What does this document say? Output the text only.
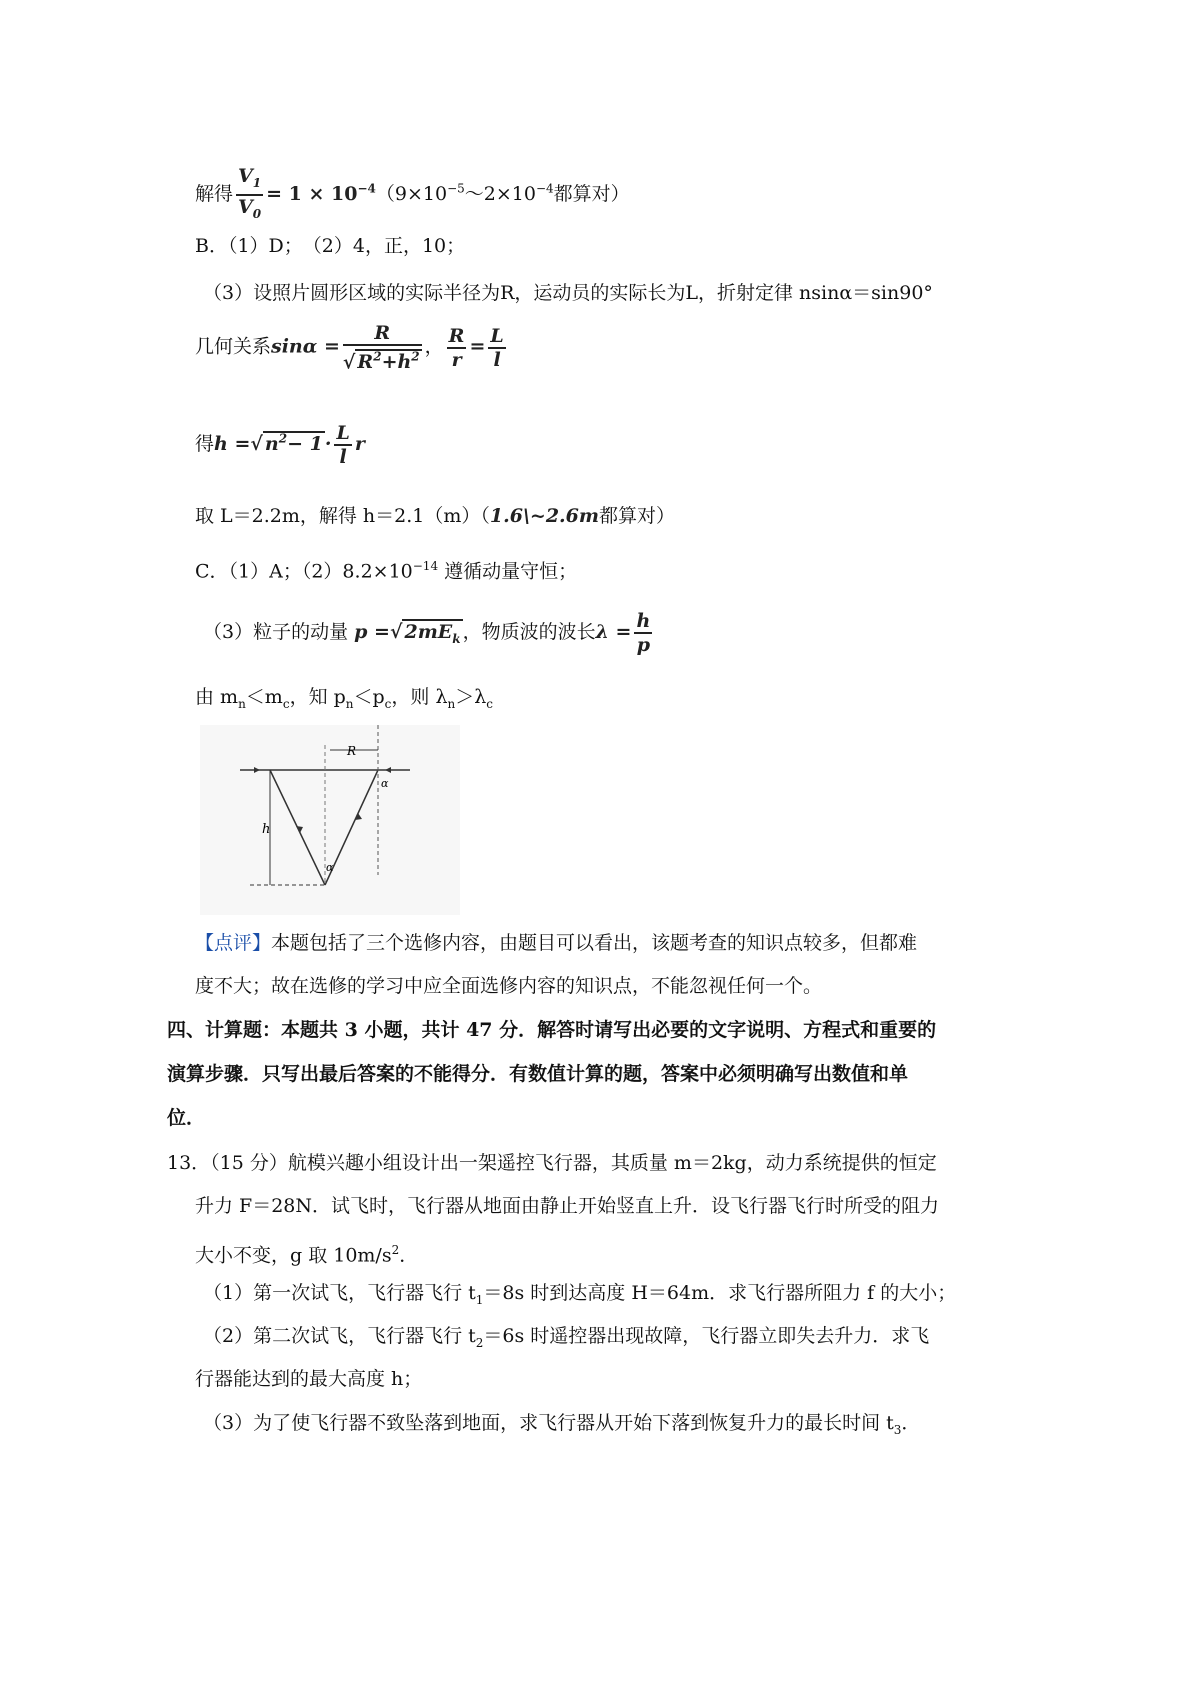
解得 $\frac{V_1}{V_0} = 1$ × $10^{-4}(9\times 10^{-5}\sim 2\times 10^{-4}$都算对）
B．（1）D；　（2）4，正，10；
（3）设照片圆形区域的实际半径为R，运动员的实际长为L，折射定律 nsinα＝sin90°
几何关系$\sin\alpha = \frac{R}{√ R^2+h^2}$ ， $\frac{R}{r} = \frac{L}{l}$
得h =√ $n^2- 1 \cdot \frac{L}{l}$ r
取 L＝2.2m，解得 h＝2.1（m）（1.6\~2.6m都算对）
C．（1）A；$(2)8.2\times 10^{-14}$ 遵循动量守恒；
（3）粒子的动量 p =√ $2mE_k$ ，物质波的波长$\lambda = \frac{h}{p}$
由 $m_n<m_c$，知 $p_n<p_c$，则 $\lambda_n>\lambda_c$
R
h
α
α
【点评】本题包括了三个选修内容，由题目可以看出，该题考查的知识点较多，但都难
度不大；故在选修的学习中应全面选修内容的知识点，不能忽视任何一个。
四、计算题：本题共 3 小题，共计 47 分．解答时请写出必要的文字说明、方程式和重要的
演算步骤．只写出最后答案的不能得分．有数值计算的题，答案中必须明确写出数值和单
位．
13．（15 分）航模兴趣小组设计出一架遥控飞行器，其质量 m＝2kg，动力系统提供的恒定
升力 F＝28N．试飞时，飞行器从地面由静止开始竖直上升．设飞行器飞行时所受的阻力
大小不变，g 取 $10m/s^2$．
（1）第一次试飞，飞行器飞行 $t_1=8s$ 时到达高度 H＝64m．求飞行器所阻力 f 的大小；
（2）第二次试飞，飞行器飞行 $t_2=6s$ 时遥控器出现故障，飞行器立即失去升力．求飞
行器能达到的最大高度 h；
（3）为了使飞行器不致坠落到地面，求飞行器从开始下落到恢复升力的最长时间 $t_3$．
